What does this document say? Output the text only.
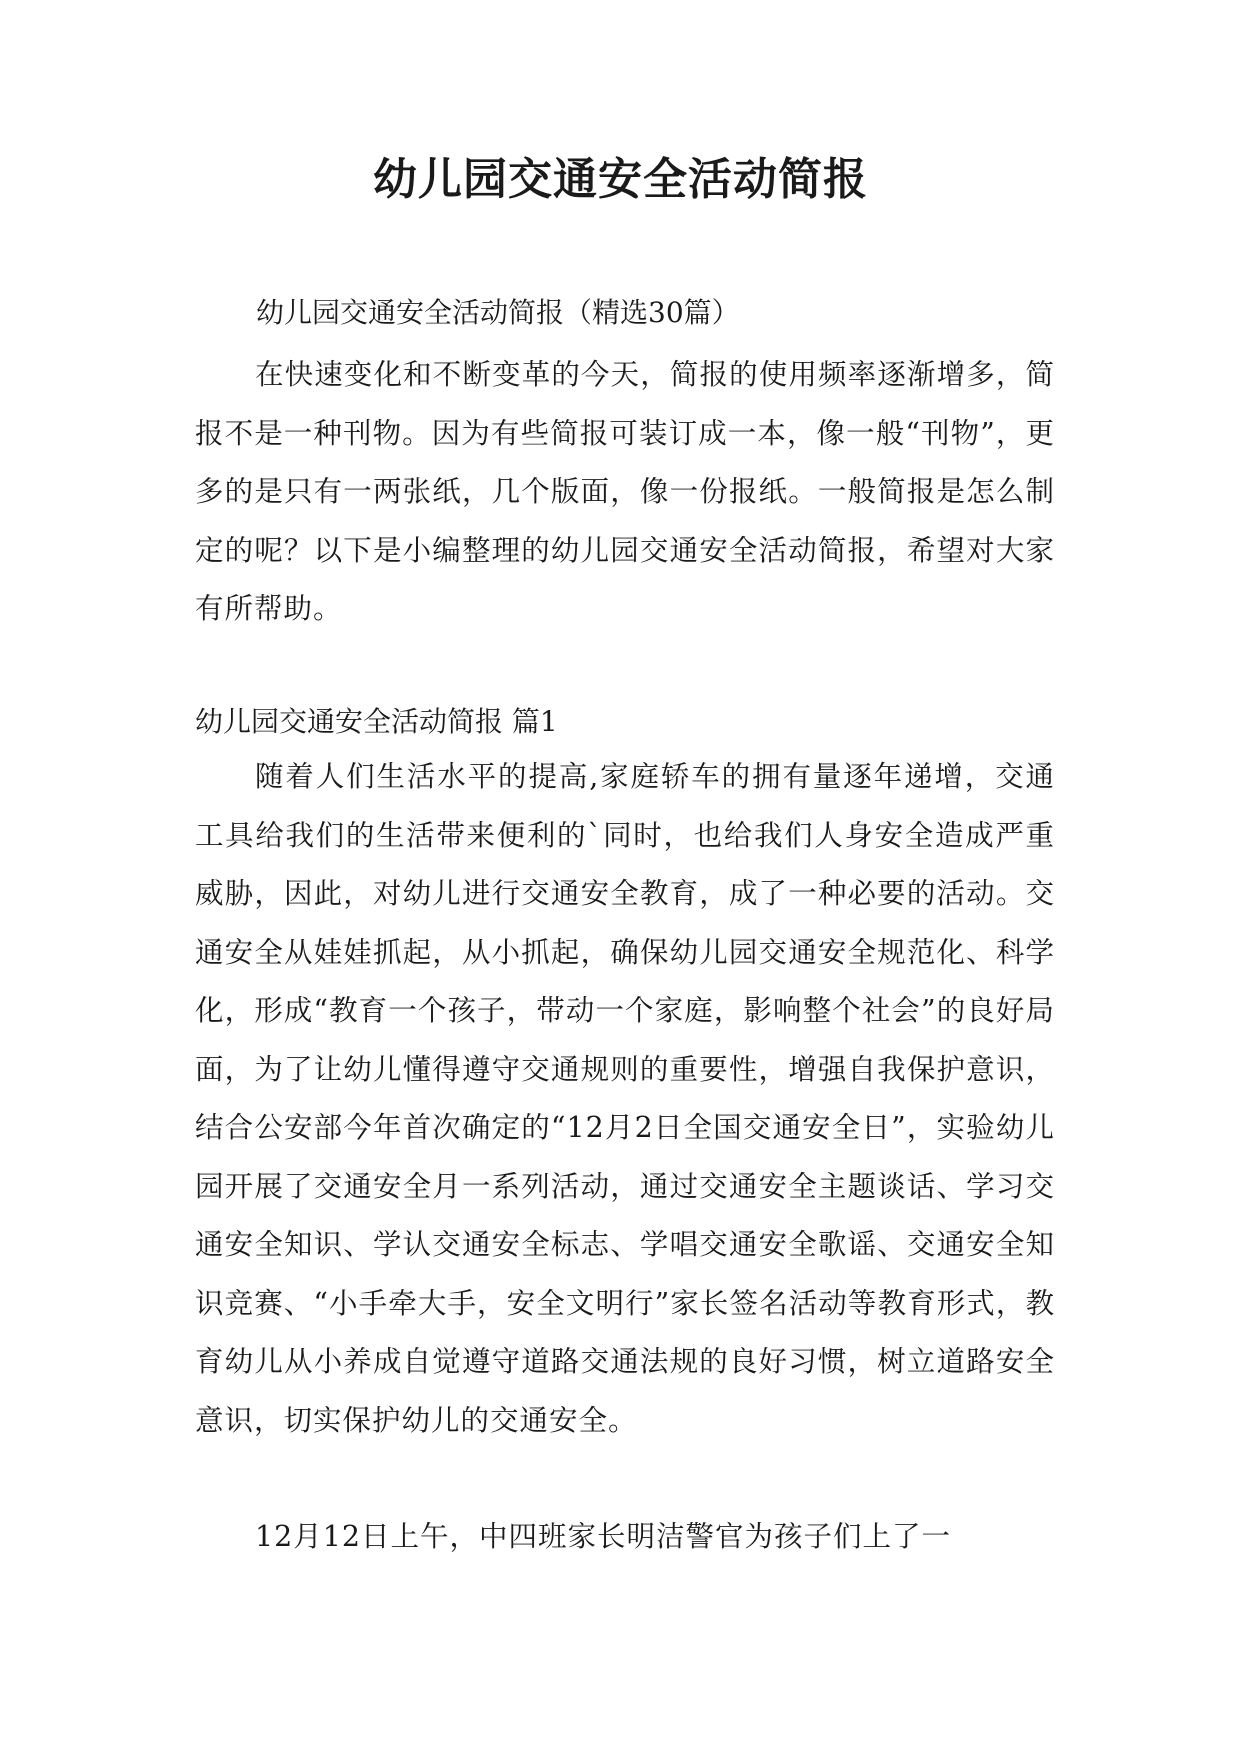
幼儿园交通安全活动简报
幼儿园交通安全活动简报（精选30篇）
在快速变化和不断变革的今天，简报的使用频率逐渐增多，简报不是一种刊物。因为有些简报可装订成一本，像一般“刊物”，更多的是只有一两张纸，几个版面，像一份报纸。一般简报是怎么制定的呢？以下是小编整理的幼儿园交通安全活动简报，希望对大家有所帮助。
幼儿园交通安全活动简报 篇1
随着人们生活水平的提高,家庭轿车的拥有量逐年递增，交通工具给我们的生活带来便利的`同时，也给我们人身安全造成严重威胁，因此，对幼儿进行交通安全教育，成了一种必要的活动。交通安全从娃娃抓起，从小抓起，确保幼儿园交通安全规范化、科学化，形成“教育一个孩子，带动一个家庭，影响整个社会”的良好局面，为了让幼儿懂得遵守交通规则的重要性，增强自我保护意识，结合公安部今年首次确定的“12月2日全国交通安全日”，实验幼儿园开展了交通安全月一系列活动，通过交通安全主题谈话、学习交通安全知识、学认交通安全标志、学唱交通安全歌谣、交通安全知识竞赛、“小手牵大手，安全文明行”家长签名活动等教育形式，教育幼儿从小养成自觉遵守道路交通法规的良好习惯，树立道路安全意识，切实保护幼儿的交通安全。
12月12日上午，中四班家长明洁警官为孩子们上了一
